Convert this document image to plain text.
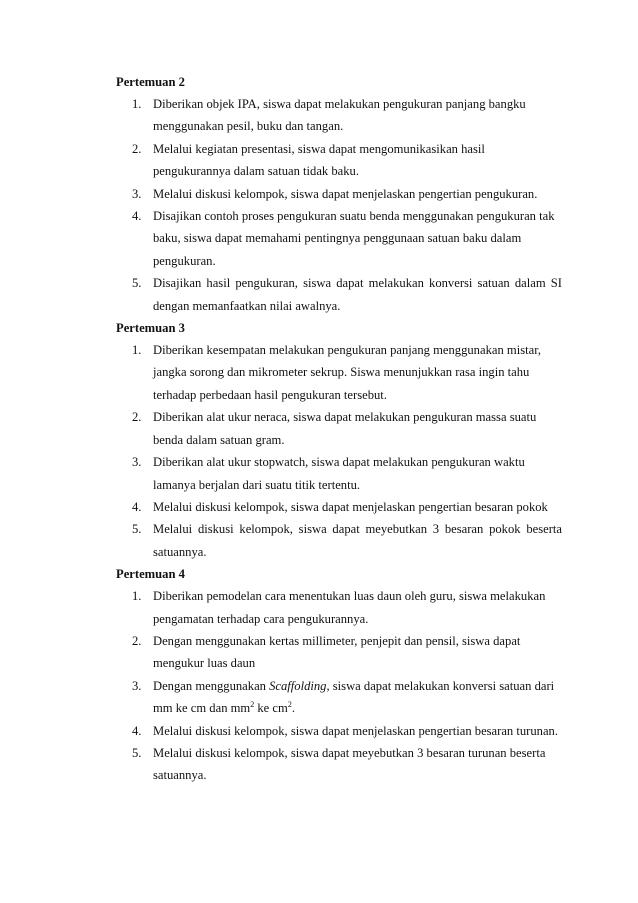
Pertemuan 2

1. Diberikan objek IPA, siswa dapat melakukan pengukuran panjang bangku menggunakan pesil, buku dan tangan.
2. Melalui kegiatan presentasi, siswa dapat mengomunikasikan hasil pengukurannya dalam satuan tidak baku.
3. Melalui diskusi kelompok, siswa dapat menjelaskan pengertian pengukuran.
4. Disajikan contoh proses pengukuran suatu benda menggunakan pengukuran tak baku, siswa dapat memahami pentingnya penggunaan satuan baku dalam pengukuran.
5. Disajikan hasil pengukuran, siswa dapat melakukan konversi satuan dalam SI dengan memanfaatkan nilai awalnya.

Pertemuan 3

1. Diberikan kesempatan melakukan pengukuran panjang menggunakan mistar, jangka sorong dan mikrometer sekrup. Siswa menunjukkan rasa ingin tahu terhadap perbedaan hasil pengukuran tersebut.
2. Diberikan alat ukur neraca, siswa dapat melakukan pengukuran massa suatu benda dalam satuan gram.
3. Diberikan alat ukur stopwatch, siswa dapat melakukan pengukuran waktu lamanya berjalan dari suatu titik tertentu.
4. Melalui diskusi kelompok, siswa dapat menjelaskan pengertian besaran pokok
5. Melalui diskusi kelompok, siswa dapat meyebutkan 3 besaran pokok beserta satuannya.

Pertemuan 4

1. Diberikan pemodelan cara menentukan luas daun oleh guru, siswa melakukan pengamatan terhadap cara pengukurannya.
2. Dengan menggunakan kertas millimeter, penjepit dan pensil, siswa dapat mengukur luas daun
3. Dengan menggunakan Scaffolding, siswa dapat melakukan konversi satuan dari mm ke cm dan $mm^2$ ke $cm^2$.
4. Melalui diskusi kelompok, siswa dapat menjelaskan pengertian besaran turunan.
5. Melalui diskusi kelompok, siswa dapat meyebutkan 3 besaran turunan beserta satuannya.
